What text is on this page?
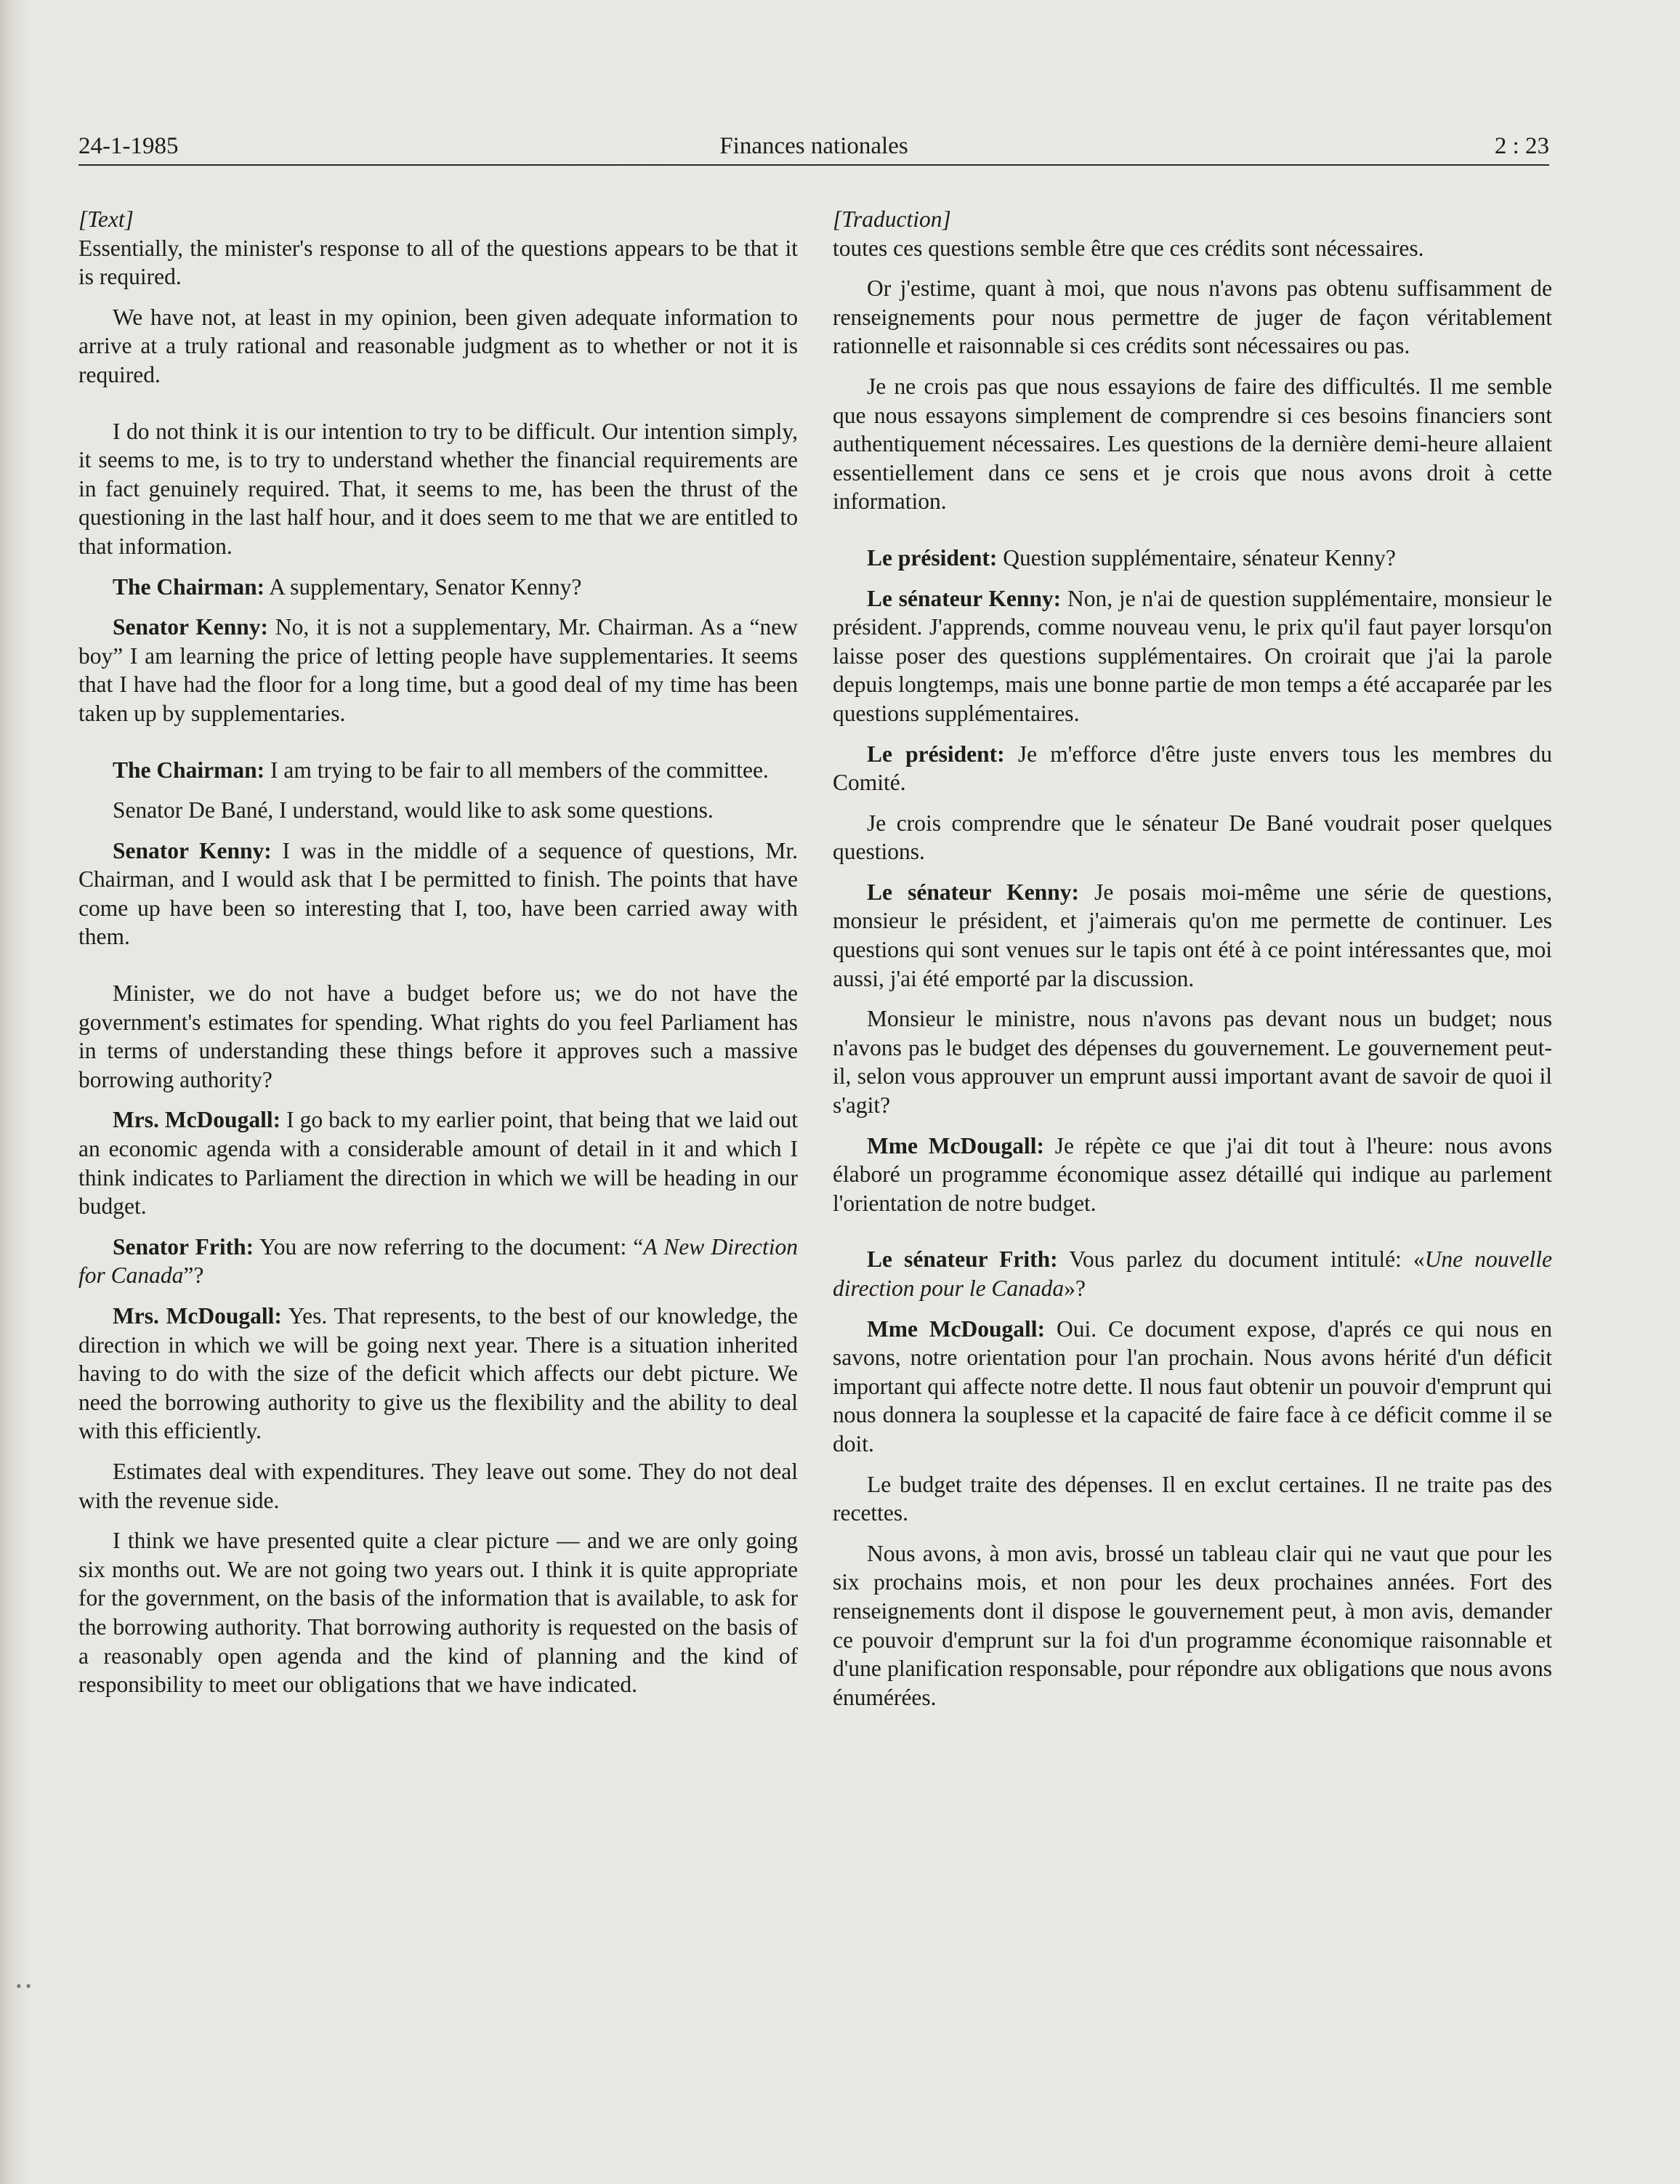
24-1-1985	Finances nationales	2 : 23

[Text]

Essentially, the minister's response to all of the questions appears to be that it is required.

We have not, at least in my opinion, been given adequate information to arrive at a truly rational and reasonable judgment as to whether or not it is required.

I do not think it is our intention to try to be difficult. Our intention simply, it seems to me, is to try to understand whether the financial requirements are in fact genuinely required. That, it seems to me, has been the thrust of the questioning in the last half hour, and it does seem to me that we are entitled to that information.

The Chairman: A supplementary, Senator Kenny?

Senator Kenny: No, it is not a supplementary, Mr. Chairman. As a “new boy” I am learning the price of letting people have supplementaries. It seems that I have had the floor for a long time, but a good deal of my time has been taken up by supplementaries.

The Chairman: I am trying to be fair to all members of the committee.

Senator De Bané, I understand, would like to ask some questions.

Senator Kenny: I was in the middle of a sequence of questions, Mr. Chairman, and I would ask that I be permitted to finish. The points that have come up have been so interesting that I, too, have been carried away with them.

Minister, we do not have a budget before us; we do not have the government's estimates for spending. What rights do you feel Parliament has in terms of understanding these things before it approves such a massive borrowing authority?

Mrs. McDougall: I go back to my earlier point, that being that we laid out an economic agenda with a considerable amount of detail in it and which I think indicates to Parliament the direction in which we will be heading in our budget.

Senator Frith: You are now referring to the document: “A New Direction for Canada”?

Mrs. McDougall: Yes. That represents, to the best of our knowledge, the direction in which we will be going next year. There is a situation inherited having to do with the size of the deficit which affects our debt picture. We need the borrowing authority to give us the flexibility and the ability to deal with this efficiently.

Estimates deal with expenditures. They leave out some. They do not deal with the revenue side.

I think we have presented quite a clear picture — and we are only going six months out. We are not going two years out. I think it is quite appropriate for the government, on the basis of the information that is available, to ask for the borrowing authority. That borrowing authority is requested on the basis of a reasonably open agenda and the kind of planning and the kind of responsibility to meet our obligations that we have indicated.

[Traduction]

toutes ces questions semble être que ces crédits sont nécessaires.

Or j'estime, quant à moi, que nous n'avons pas obtenu suffisamment de renseignements pour nous permettre de juger de façon véritablement rationnelle et raisonnable si ces crédits sont nécessaires ou pas.

Je ne crois pas que nous essayions de faire des difficultés. Il me semble que nous essayons simplement de comprendre si ces besoins financiers sont authentiquement nécessaires. Les questions de la dernière demi-heure allaient essentiellement dans ce sens et je crois que nous avons droit à cette information.

Le président: Question supplémentaire, sénateur Kenny?

Le sénateur Kenny: Non, je n'ai de question supplémentaire, monsieur le président. J'apprends, comme nouveau venu, le prix qu'il faut payer lorsqu'on laisse poser des questions supplémentaires. On croirait que j'ai la parole depuis longtemps, mais une bonne partie de mon temps a été accaparée par les questions supplémentaires.

Le président: Je m'efforce d'être juste envers tous les membres du Comité.

Je crois comprendre que le sénateur De Bané voudrait poser quelques questions.

Le sénateur Kenny: Je posais moi-même une série de questions, monsieur le président, et j'aimerais qu'on me permette de continuer. Les questions qui sont venues sur le tapis ont été à ce point intéressantes que, moi aussi, j'ai été emporté par la discussion.

Monsieur le ministre, nous n'avons pas devant nous un budget; nous n'avons pas le budget des dépenses du gouvernement. Le gouvernement peut-il, selon vous approuver un emprunt aussi important avant de savoir de quoi il s'agit?

Mme McDougall: Je répète ce que j'ai dit tout à l'heure: nous avons élaboré un programme économique assez détaillé qui indique au parlement l'orientation de notre budget.

Le sénateur Frith: Vous parlez du document intitulé: «Une nouvelle direction pour le Canada»?

Mme McDougall: Oui. Ce document expose, d'aprés ce qui nous en savons, notre orientation pour l'an prochain. Nous avons hérité d'un déficit important qui affecte notre dette. Il nous faut obtenir un pouvoir d'emprunt qui nous donnera la souplesse et la capacité de faire face à ce déficit comme il se doit.

Le budget traite des dépenses. Il en exclut certaines. Il ne traite pas des recettes.

Nous avons, à mon avis, brossé un tableau clair qui ne vaut que pour les six prochains mois, et non pour les deux prochaines années. Fort des renseignements dont il dispose le gouvernement peut, à mon avis, demander ce pouvoir d'emprunt sur la foi d'un programme économique raisonnable et d'une planification responsable, pour répondre aux obligations que nous avons énumérées.

• •
